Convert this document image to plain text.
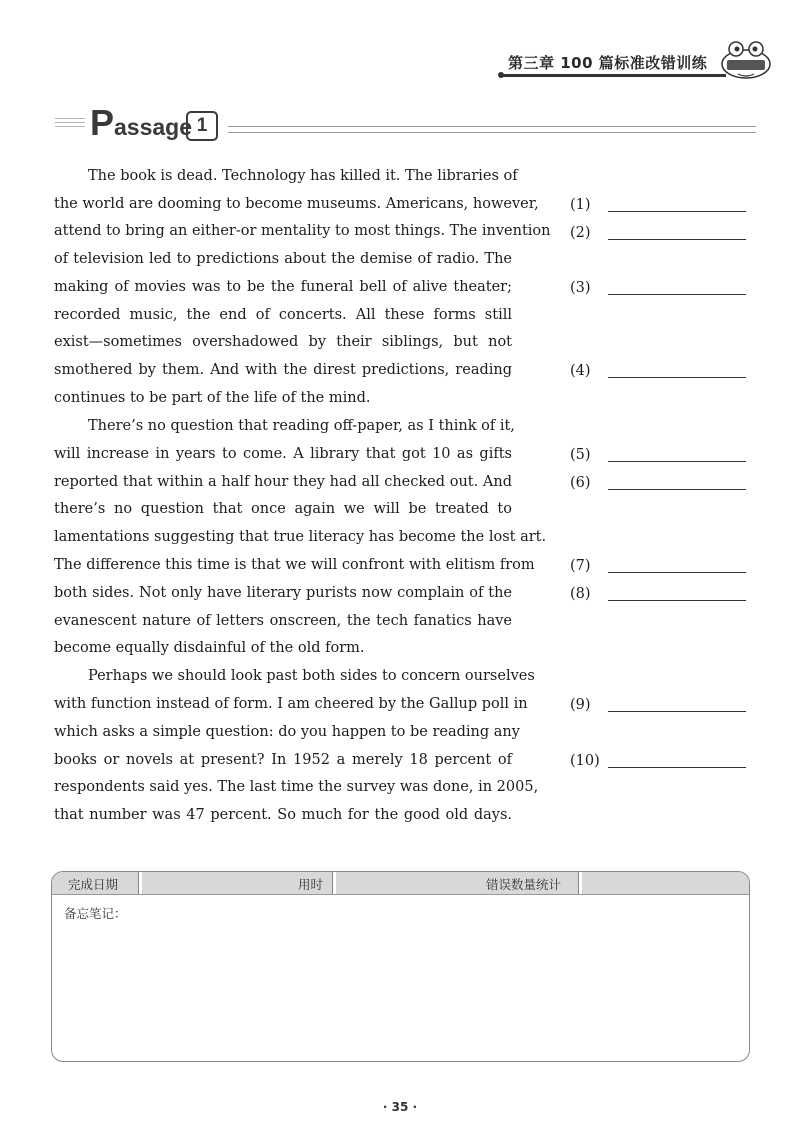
第三章 100 篇标准改错训练
Passage 1
The book is dead. Technology has killed it. The libraries of
the world are dooming to become museums. Americans, however,
attend to bring an either-or mentality to most things. The invention
of television led to predictions about the demise of radio. The
making of movies was to be the funeral bell of alive theater;
recorded music, the end of concerts. All these forms still
exist—sometimes overshadowed by their siblings, but not
smothered by them. And with the direst predictions, reading
continues to be part of the life of the mind.
There’s no question that reading off-paper, as I think of it,
will increase in years to come. A library that got 10 as gifts
reported that within a half hour they had all checked out. And
there’s no question that once again we will be treated to
lamentations suggesting that true literacy has become the lost art.
The difference this time is that we will confront with elitism from
both sides. Not only have literary purists now complain of the
evanescent nature of letters onscreen, the tech fanatics have
become equally disdainful of the old form.
Perhaps we should look past both sides to concern ourselves
with function instead of form. I am cheered by the Gallup poll in
which asks a simple question: do you happen to be reading any
books or novels at present? In 1952 a merely 18 percent of
respondents said yes. The last time the survey was done, in 2005,
that number was 47 percent. So much for the good old days.
(1)
(2)
(3)
(4)
(5)
(6)
(7)
(8)
(9)
(10)
完成日期	用时	错误数量统计
备忘笔记：
· 35 ·
